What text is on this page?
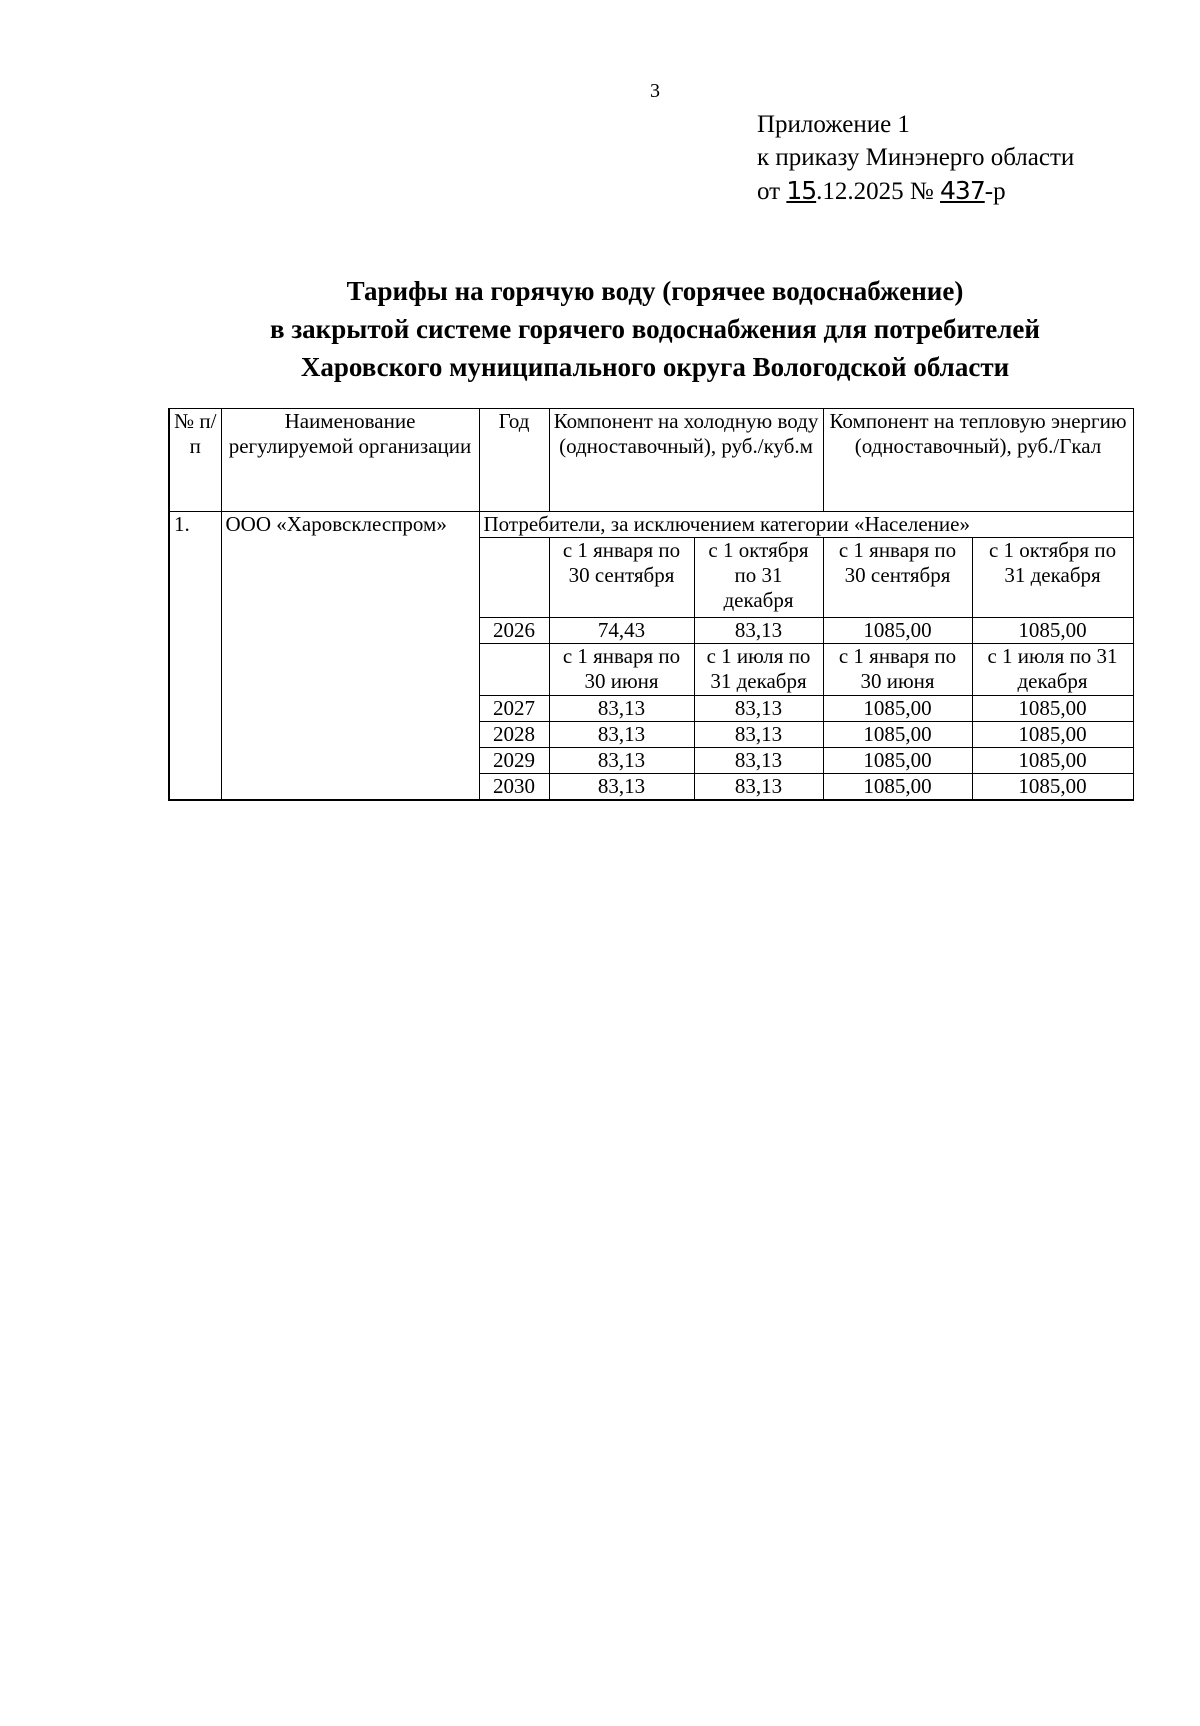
3
Приложение 1
к приказу Минэнерго области
от 15.12.2025 № 437-р
Тарифы на горячую воду (горячее водоснабжение)
в закрытой системе горячего водоснабжения для потребителей
Харовского муниципального округа Вологодской области
№ п/п	Наименование регулируемой организации	Год	Компонент на холодную воду (одноставочный), руб./куб.м		Компонент на тепловую энергию (одноставочный), руб./Гкал	
1.	ООО «Харовсклеспром»	Потребители, за исключением категории «Население»				
			с 1 января по 30 сентября	с 1 октября по 31 декабря	с 1 января по 30 сентября	с 1 октября по 31 декабря
		2026	74,43	83,13	1085,00	1085,00
			с 1 января по 30 июня	с 1 июля по 31 декабря	с 1 января по 30 июня	с 1 июля по 31 декабря
		2027	83,13	83,13	1085,00	1085,00
		2028	83,13	83,13	1085,00	1085,00
		2029	83,13	83,13	1085,00	1085,00
		2030	83,13	83,13	1085,00	1085,00
